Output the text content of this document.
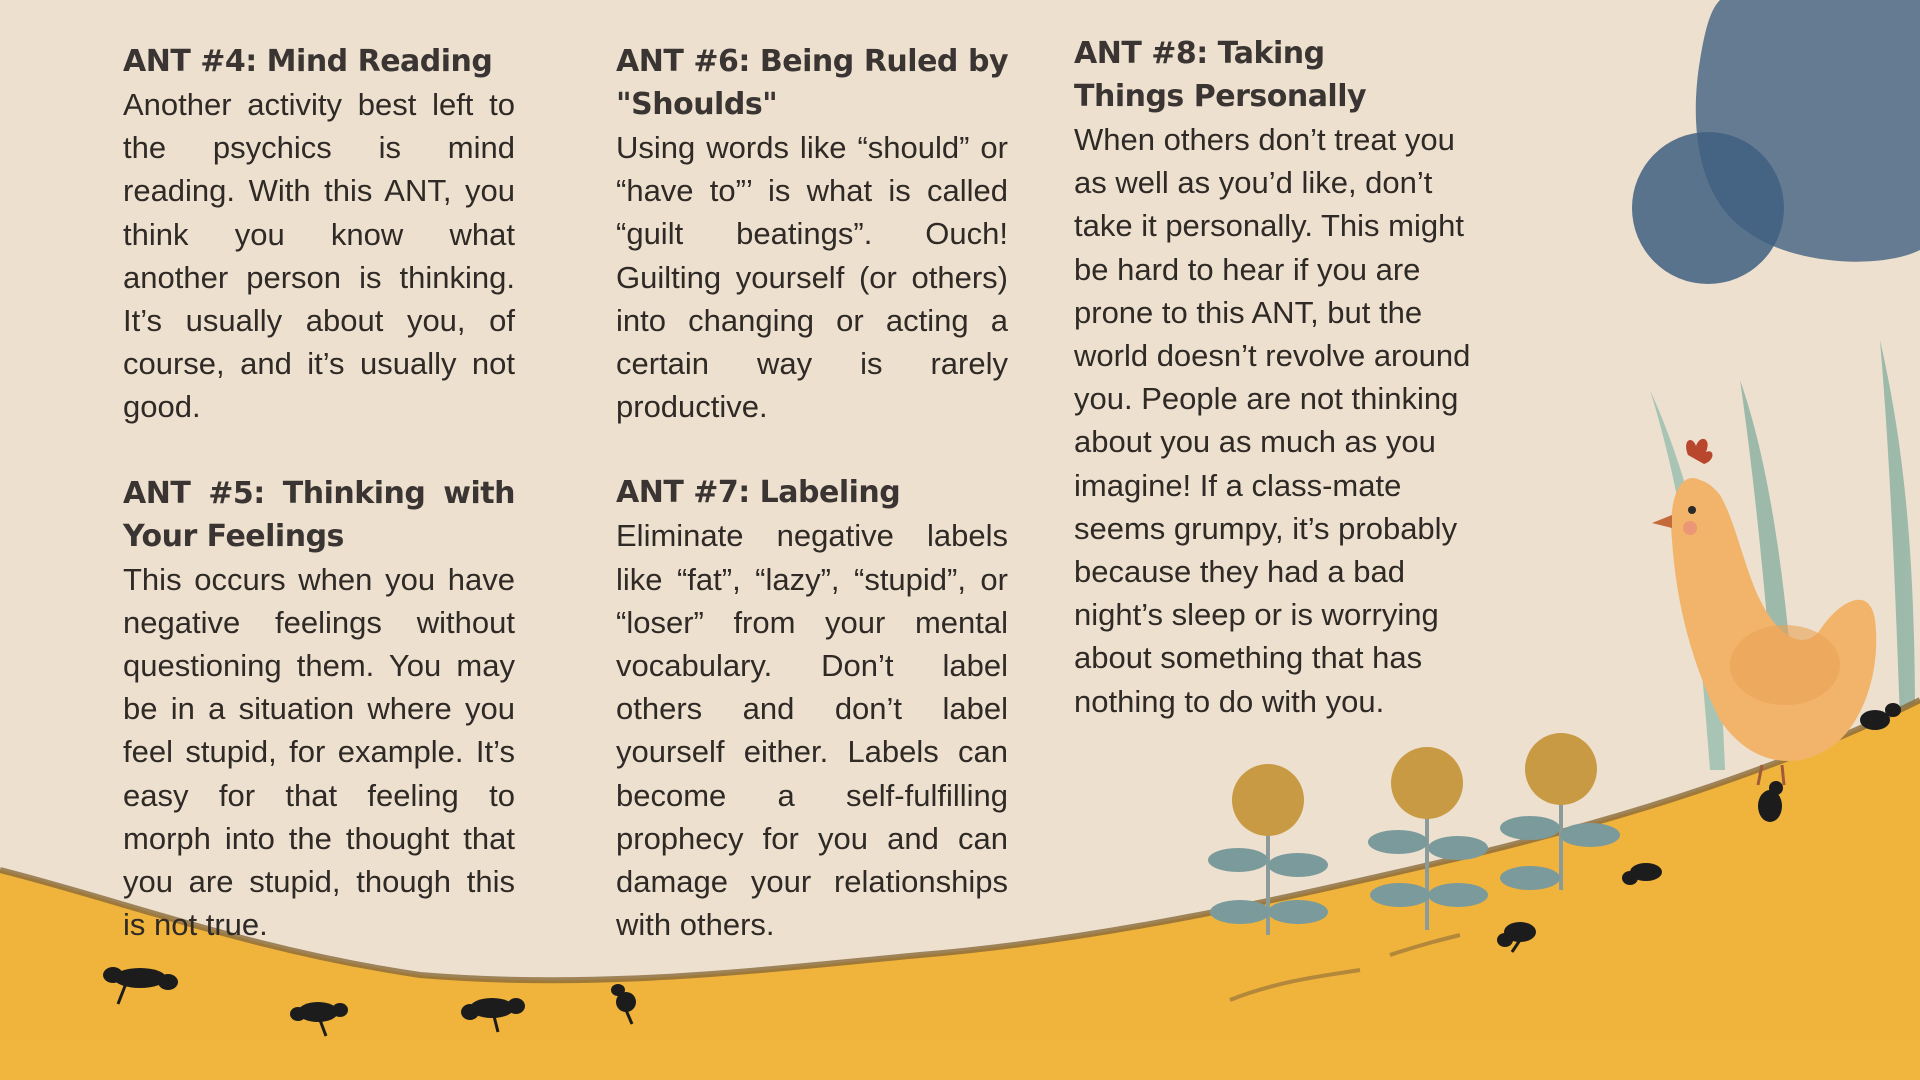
ANT #4: Mind Reading

Another activity best left to the psychics is mind reading. With this ANT, you think you know what another person is thinking. It’s usually about you, of course, and it’s usually not good.

ANT #5: Thinking with Your Feelings

This occurs when you have negative feelings without questioning them. You may be in a situation where you feel stupid, for example. It’s easy for that feeling to morph into the thought that you are stupid, though this is not true.

ANT #6: Being Ruled by "Shoulds"

Using words like “should” or “have to”’ is what is called “guilt beatings”. Ouch! Guilting yourself (or others) into changing or acting a certain way is rarely productive.

ANT #7: Labeling

Eliminate negative labels like “fat”, “lazy”, “stupid”, or “loser” from your mental vocabulary. Don’t label others and don’t label yourself either. Labels can become a self-fulfilling prophecy for you and can damage your relationships with others.

ANT #8: Taking Things Personally

When others don’t treat you as well as you’d like, don’t take it personally. This might be hard to hear if you are prone to this ANT, but the world doesn’t revolve around you. People are not thinking about you as much as you imagine! If a class-mate seems grumpy, it’s probably because they had a bad night’s sleep or is worrying about something that has nothing to do with you.
